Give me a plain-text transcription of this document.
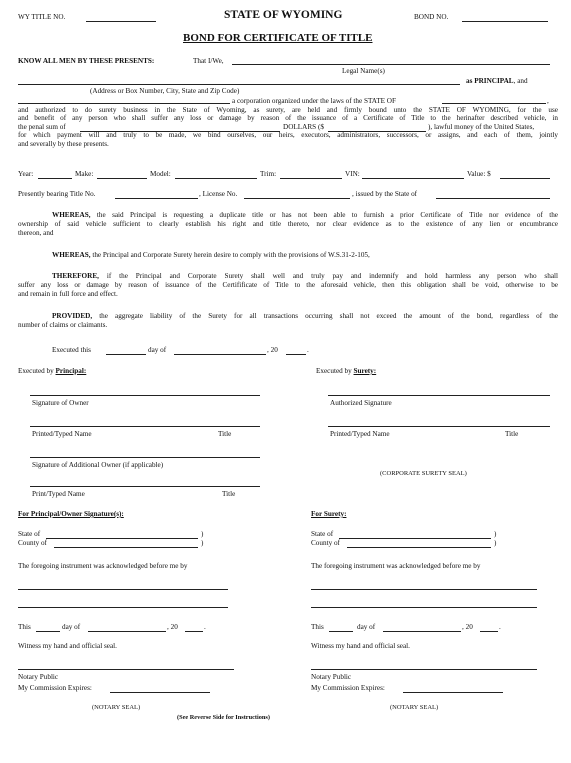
WY TITLE NO.	STATE OF WYOMING	BOND NO.
BOND FOR CERTIFICATE OF TITLE
KNOW ALL MEN BY THESE PRESENTS:	That I/We,
Legal Name(s)
as PRINCIPAL, and
(Address or Box Number, City, State and Zip Code)
a corporation organized under the laws of the STATE OF	,
and authorized to do surety business in the State of Wyoming, as surety, are held and firmly bound unto the STATE OF WYOMING, for the use
and benefit of any person who shall suffer any loss or damage by reason of the issuance of a Certificate of Title to the herinafter described vehicle, in
the penal sum of	DOLLARS ($	), lawful money of the United States,
for which payment will and truly to be made, we bind ourselves, our heirs, executors, administrators, successors, or assigns, and each of them, jointly
and severally by these presents.
Year:	Make:	Model:	Trim:	VIN:	Value: $
Presently bearing Title No.	, License No.	, issued by the State of
WHEREAS, the said Principal is requesting a duplicate title or has not been able to furnish a prior Certificate of Title nor evidence of the
ownership of said vehicle sufficient to clearly establish his right and title thereto, nor clear evidence as to the existence of any lien or encumbrance
thereon, and
WHEREAS, the Principal and Corporate Surety herein desire to comply with the provisions of W.S.31-2-105,
THEREFORE, if the Principal and Corporate Surety shall well and truly pay and indemnify and hold harmless any person who shall
suffer any loss or damage by reason of issuance of the Certifificate of Title to the aforesaid vehicle, then this obligation shall be void, otherwise to be
and remain in full force and effect.
PROVIDED, the aggregate liability of the Surety for all transactions occurring shall not exceed the amount of the bond, regardless of the
number of claims or claimants.
Executed this	day of	, 20	.
Executed by Principal:
Signature of Owner
Printed/Typed Name	Title
Signature of Additional Owner (if applicable)
Print/Typed Name	Title
Executed by Surety:
Authorized Signature
Printed/Typed Name	Title
(CORPORATE SURETY SEAL)
For Principal/Owner Signature(s):
State of	)
County of	)
The foregoing instrument was acknowledged before me by
This	day of	, 20	.
Witness my hand and official seal.
Notary Public
My Commission Expires:
(NOTARY SEAL)
For Surety:
State of	)
County of	)
The foregoing instrument was acknowledged before me by
This	day of	, 20	.
Witness my hand and official seal.
Notary Public
My Commission Expires:
(NOTARY SEAL)
(See Reverse Side for Instructions)
